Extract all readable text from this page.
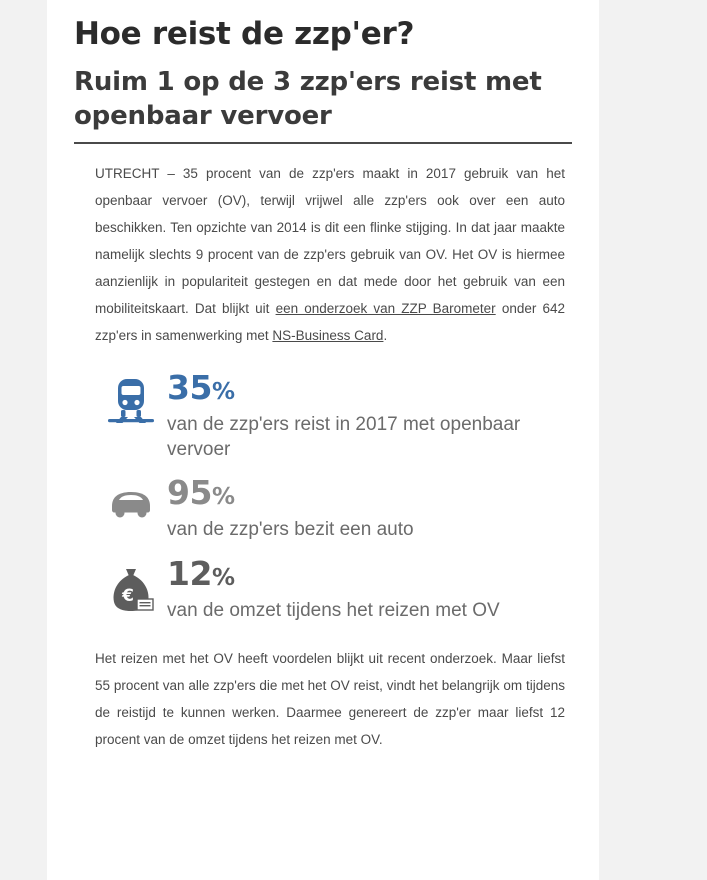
Hoe reist de zzp'er?
Ruim 1 op de 3 zzp'ers reist met openbaar vervoer

UTRECHT – 35 procent van de zzp'ers maakt in 2017 gebruik van het openbaar vervoer (OV), terwijl vrijwel alle zzp'ers ook over een auto beschikken. Ten opzichte van 2014 is dit een flinke stijging. In dat jaar maakte namelijk slechts 9 procent van de zzp'ers gebruik van OV. Het OV is hiermee aanzienlijk in populariteit gestegen en dat mede door het gebruik van een mobiliteitskaart. Dat blijkt uit een onderzoek van ZZP Barometer onder 642 zzp'ers in samenwerking met NS-Business Card.

35%
van de zzp'ers reist in 2017 met openbaar vervoer
95%
van de zzp'ers bezit een auto
€
12%
van de omzet tijdens het reizen met OV

Het reizen met het OV heeft voordelen blijkt uit recent onderzoek. Maar liefst 55 procent van alle zzp'ers die met het OV reist, vindt het belangrijk om tijdens de reistijd te kunnen werken. Daarmee genereert de zzp'er maar liefst 12 procent van de omzet tijdens het reizen met OV.
